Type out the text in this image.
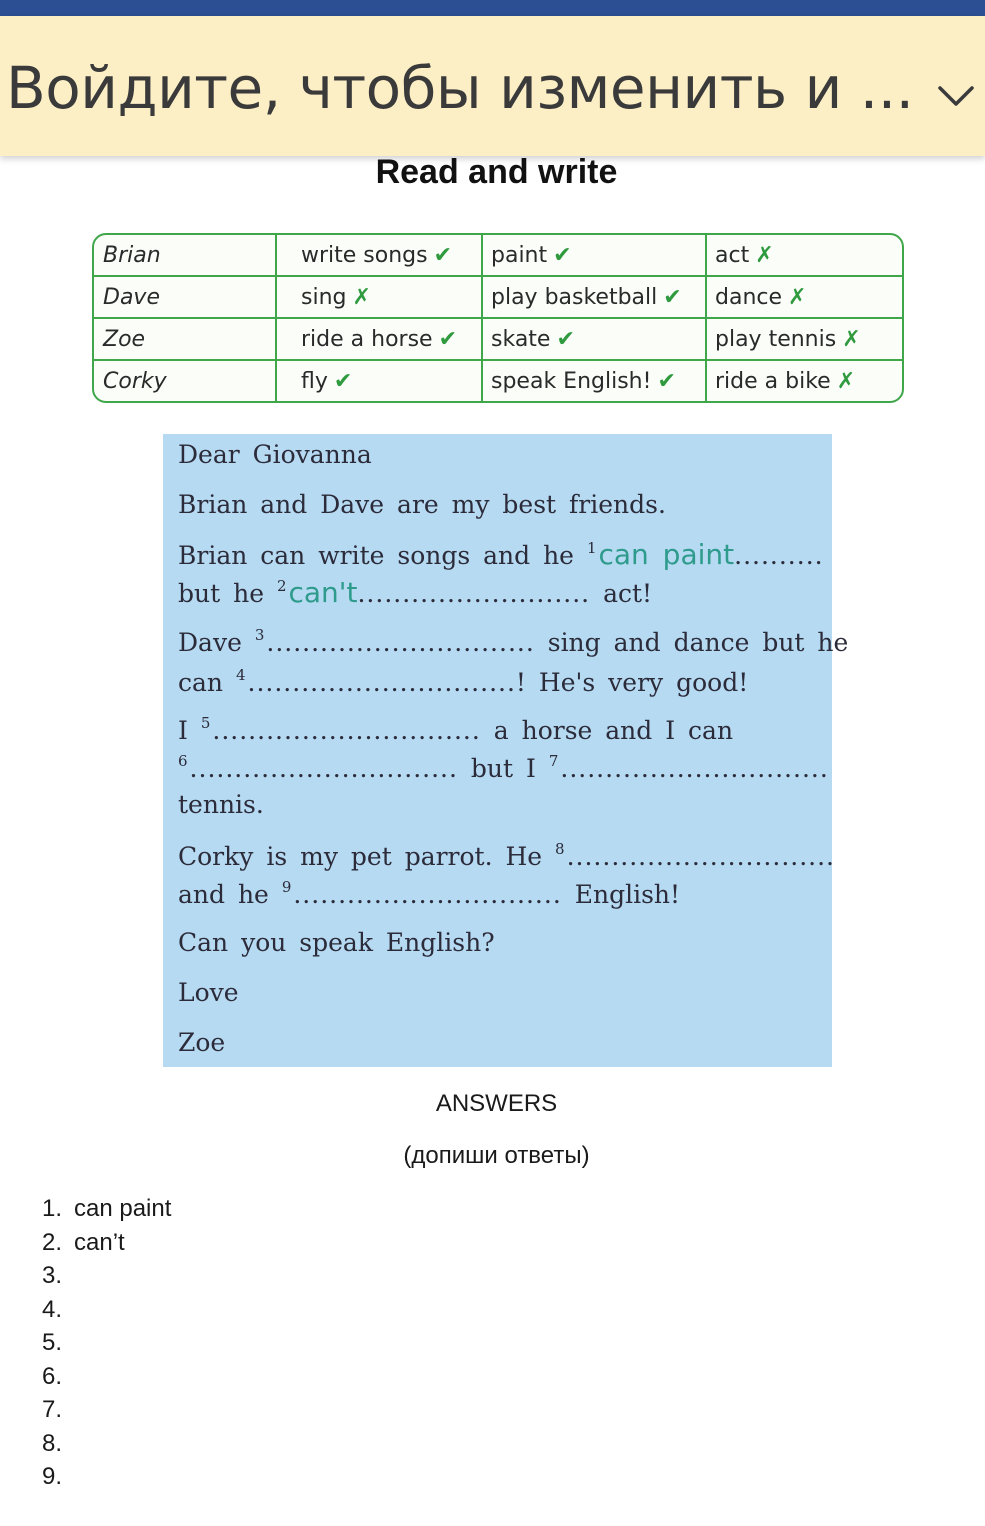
Войдите, чтобы изменить и ...
Read and write
Brian	write songs ✔	paint ✔	act ✗
Dave	sing ✗	play basketball ✔	dance ✗
Zoe	ride a horse ✔	skate ✔	play tennis ✗
Corky	fly ✔	speak English! ✔	ride a bike ✗
Dear Giovanna
Brian and Dave are my best friends.
Brian can write songs and he $^1$can paint..........
but he $^2$can't.......................... act!
Dave $^3$.............................. sing and dance but he
can $^4$..............................! He's very good!
I $^5$.............................. a horse and I can
$^6$.............................. but I $^7$..............................
tennis.
Corky is my pet parrot. He $^8$..............................
and he $^9$.............................. English!
Can you speak English?
Love
Zoe
ANSWERS
(допиши ответы)
1. can paint
2. can’t
3.
4.
5.
6.
7.
8.
9.
